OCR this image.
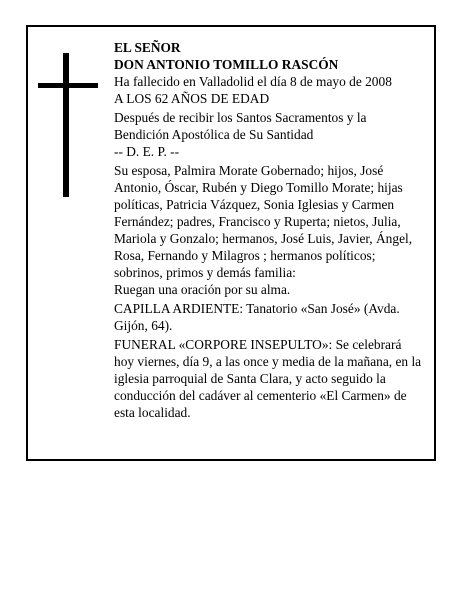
EL SEÑOR

DON ANTONIO TOMILLO RASCÓN

Ha fallecido en Valladolid el día 8 de mayo de 2008

A LOS 62 AÑOS DE EDAD

Después de recibir los Santos Sacramentos y la Bendición Apostólica de Su Santidad

-- D. E. P. --

Su esposa, Palmira Morate Gobernado; hijos, José Antonio, Óscar, Rubén y Diego Tomillo Morate; hijas políticas, Patricia Vázquez, Sonia Iglesias y Carmen Fernández; padres, Francisco y Ruperta; nietos, Julia, Mariola y Gonzalo; hermanos, José Luis, Javier, Ángel, Rosa, Fernando y Milagros ; hermanos políticos; sobrinos, primos y demás familia:

Ruegan una oración por su alma.

CAPILLA ARDIENTE: Tanatorio «San José» (Avda. Gijón, 64).

FUNERAL «CORPORE INSEPULTO»: Se celebrará hoy viernes, día 9, a las once y media de la mañana, en la iglesia parroquial de Santa Clara, y acto seguido la conducción del cadáver al cementerio «El Carmen» de esta localidad.
